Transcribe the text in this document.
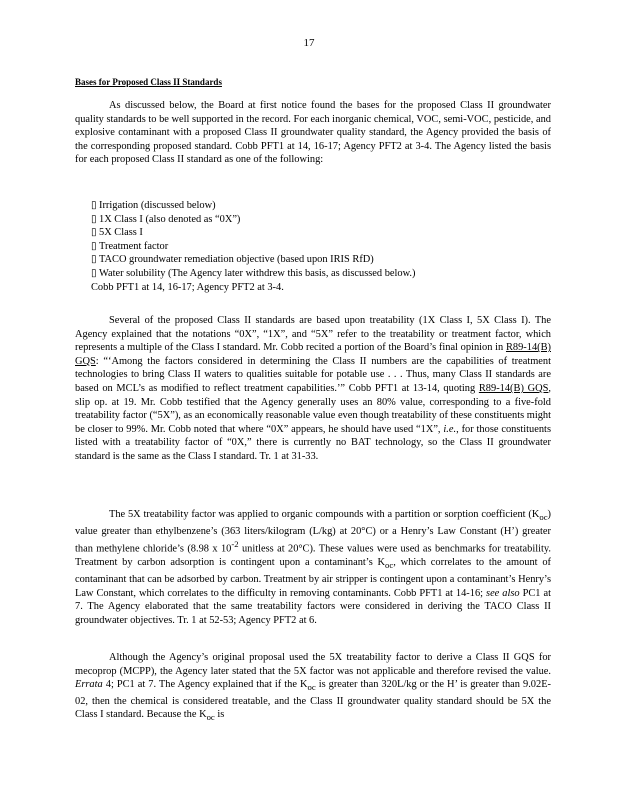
17
Bases for Proposed Class II Standards

As discussed below, the Board at first notice found the bases for the proposed Class II groundwater quality standards to be well supported in the record. For each inorganic chemical, VOC, semi-VOC, pesticide, and explosive contaminant with a proposed Class II groundwater quality standard, the Agency provided the basis of the corresponding proposed standard. Cobb PFT1 at 14, 16-17; Agency PFT2 at 3-4. The Agency listed the basis for each proposed Class II standard as one of the following:

▯ Irrigation (discussed below)
▯ 1X Class I (also denoted as “0X”)
▯ 5X Class I
▯ Treatment factor
▯ TACO groundwater remediation objective (based upon IRIS RfD)
▯ Water solubility (The Agency later withdrew this basis, as discussed below.)
Cobb PFT1 at 14, 16-17; Agency PFT2 at 3-4.

Several of the proposed Class II standards are based upon treatability (1X Class I, 5X Class I). The Agency explained that the notations “0X”, “1X”, and “5X” refer to the treatability or treatment factor, which represents a multiple of the Class I standard. Mr. Cobb recited a portion of the Board’s final opinion in R89-14(B) GQS: “‘Among the factors considered in determining the Class II numbers are the capabilities of treatment technologies to bring Class II waters to qualities suitable for potable use . . . Thus, many Class II standards are based on MCL’s as modified to reflect treatment capabilities.’” Cobb PFT1 at 13-14, quoting R89-14(B) GQS, slip op. at 19. Mr. Cobb testified that the Agency generally uses an 80% value, corresponding to a five-fold treatability factor (“5X”), as an economically reasonable value even though treatability of these constituents might be closer to 99%. Mr. Cobb noted that where “0X” appears, he should have used “1X”, i.e., for those constituents listed with a treatability factor of “0X,” there is currently no BAT technology, so the Class II groundwater standard is the same as the Class I standard. Tr. 1 at 31-33.

The 5X treatability factor was applied to organic compounds with a partition or sorption coefficient $(K_{oc})$ value greater than ethylbenzene’s (363 liters/kilogram (L/kg) at 20°C) or a Henry’s Law Constant (H’) greater than methylene chloride’s (8.98 x $10^{-2}$ unitless at 20°C). These values were used as benchmarks for treatability. Treatment by carbon adsorption is contingent upon a contaminant’s $K_{oc}$, which correlates to the amount of contaminant that can be adsorbed by carbon. Treatment by air stripper is contingent upon a contaminant’s Henry’s Law Constant, which correlates to the difficulty in removing contaminants. Cobb PFT1 at 14-16; see also PC1 at 7. The Agency elaborated that the same treatability factors were considered in deriving the TACO Class II groundwater objectives. Tr. 1 at 52-53; Agency PFT2 at 6.

Although the Agency’s original proposal used the 5X treatability factor to derive a Class II GQS for mecoprop (MCPP), the Agency later stated that the 5X factor was not applicable and therefore revised the value. Errata 4; PC1 at 7. The Agency explained that if the $K_{oc}$ is greater than 320L/kg or the H’ is greater than 9.02E-02, then the chemical is considered treatable, and the Class II groundwater quality standard should be 5X the Class I standard. Because the $K_{oc}$ is
